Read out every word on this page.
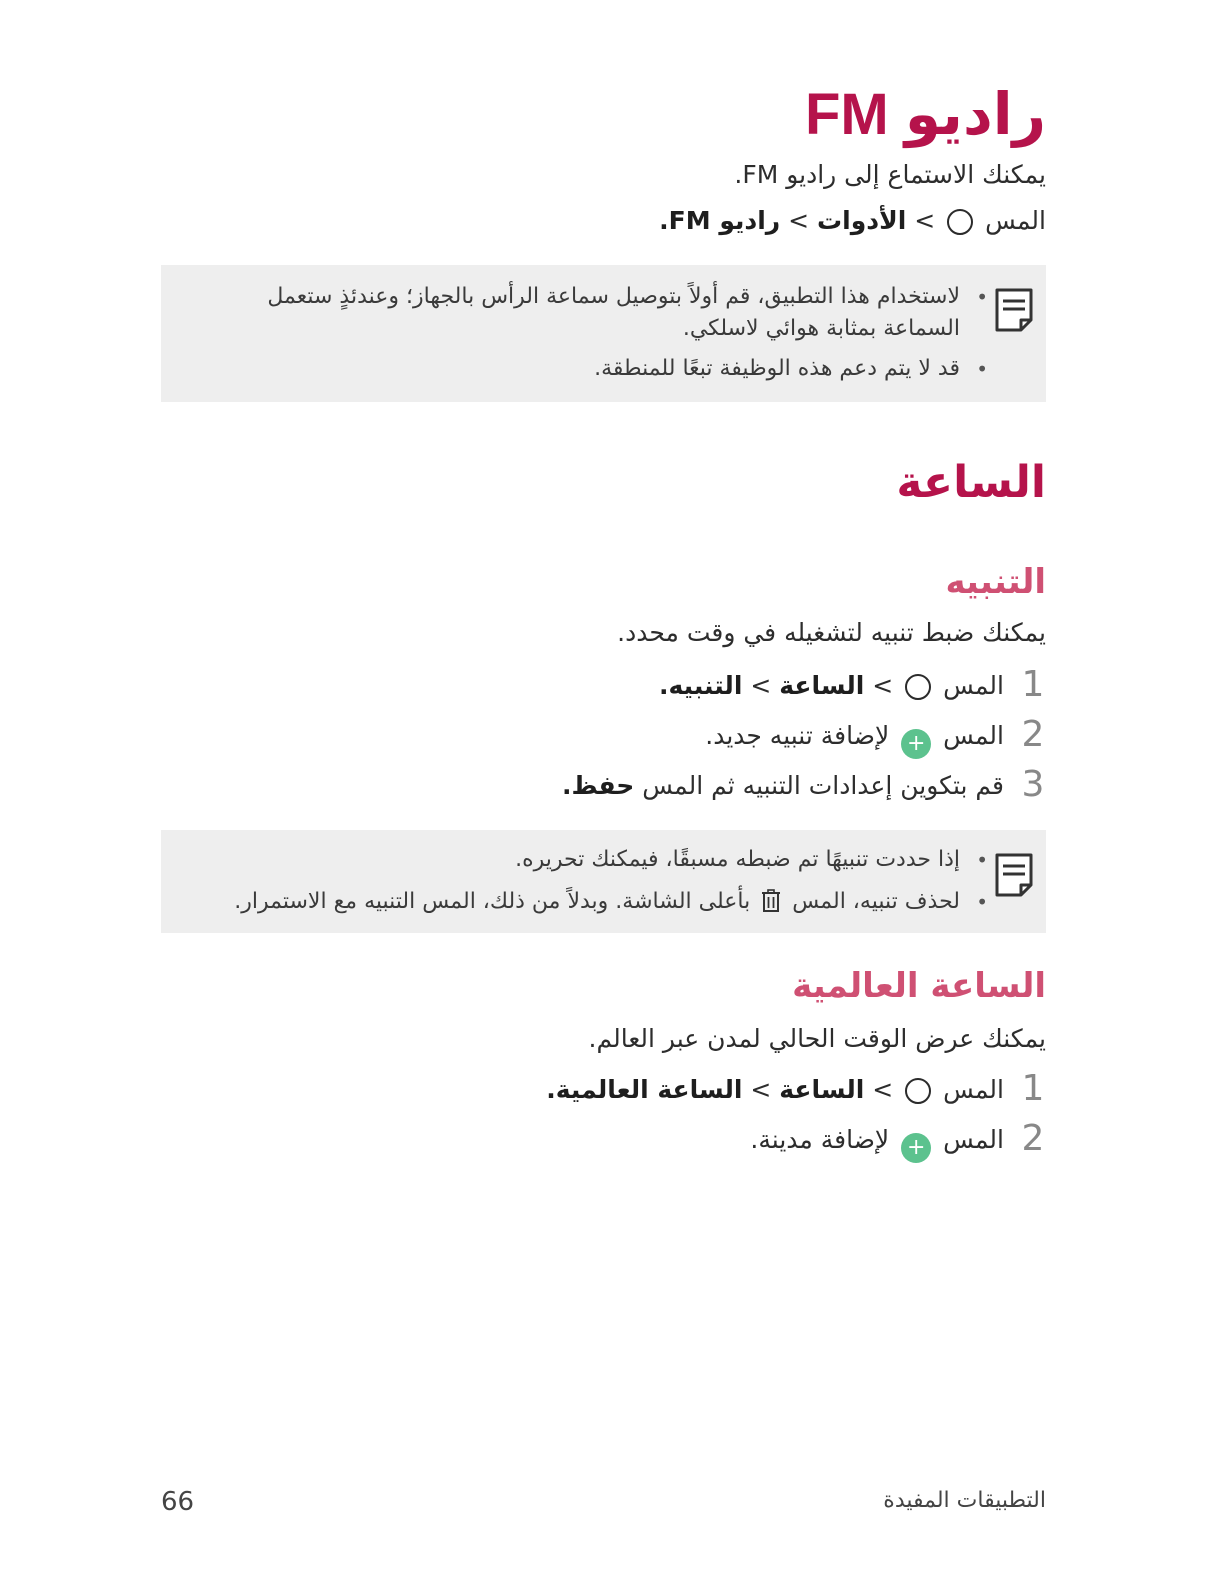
راديو FM

يمكنك الاستماع إلى راديو FM.

المس  > الأدوات > راديو FM.

•
لاستخدام هذا التطبيق، قم أولاً بتوصيل سماعة الرأس بالجهاز؛ وعندئذٍ ستعمل
السماعة بمثابة هوائي لاسلكي.
•
قد لا يتم دعم هذه الوظيفة تبعًا للمنطقة.
الساعة
التنبيه

يمكنك ضبط تنبيه لتشغيله في وقت محدد.

1
المس  > الساعة > التنبيه.
2
المس + لإضافة تنبيه جديد.
3
قم بتكوين إعدادات التنبيه ثم المس حفظ.
•
إذا حددت تنبيهًا تم ضبطه مسبقًا، فيمكنك تحريره.
•
لحذف تنبيه، المس  بأعلى الشاشة. وبدلاً من ذلك، المس التنبيه مع الاستمرار.
الساعة العالمية

يمكنك عرض الوقت الحالي لمدن عبر العالم.

1
المس  > الساعة > الساعة العالمية.
2
المس + لإضافة مدينة.
التطبيقات المفيدة
66
